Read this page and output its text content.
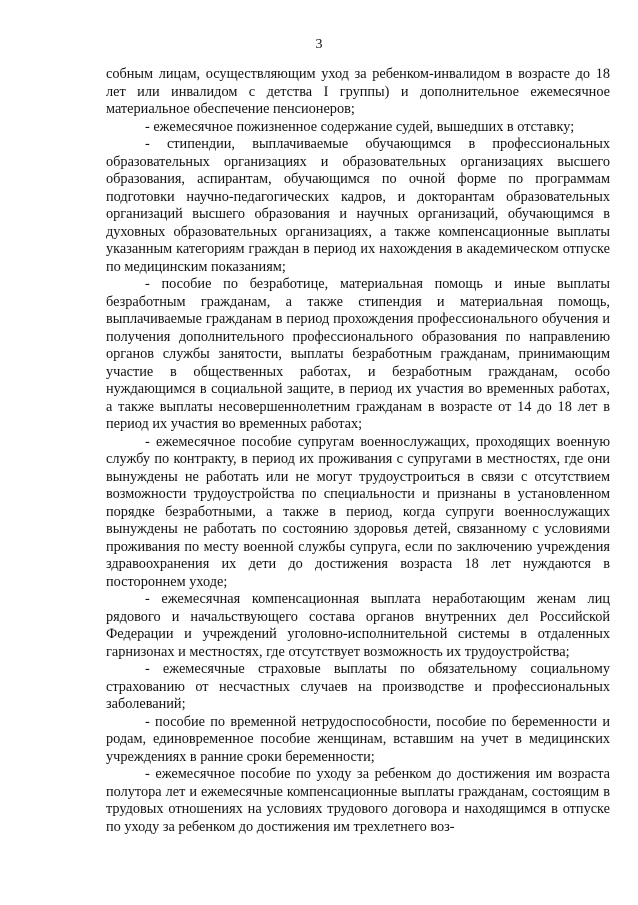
3

собным лицам, осуществляющим уход за ребенком-инвалидом в возрасте до 18 лет или инвалидом с детства I группы) и дополнительное ежемесячное материальное обеспечение пенсионеров;

- ежемесячное пожизненное содержание судей, вышедших в отставку;

- стипендии, выплачиваемые обучающимся в профессиональных образовательных организациях и образовательных организациях высшего образования, аспирантам, обучающимся по очной форме по программам подготовки научно-педагогических кадров, и докторантам образовательных организаций высшего образования и научных организаций, обучающимся в духовных образовательных организациях, а также компенсационные выплаты указанным категориям граждан в период их нахождения в академическом отпуске по медицинским показаниям;

- пособие по безработице, материальная помощь и иные выплаты безработным гражданам, а также стипендия и материальная помощь, выплачиваемые гражданам в период прохождения профессионального обучения и получения дополнительного профессионального образования по направлению органов службы занятости, выплаты безработным гражданам, принимающим участие в общественных работах, и безработным гражданам, особо нуждающимся в социальной защите, в период их участия во временных работах, а также выплаты несовершеннолетним гражданам в возрасте от 14 до 18 лет в период их участия во временных работах;

- ежемесячное пособие супругам военнослужащих, проходящих военную службу по контракту, в период их проживания с супругами в местностях, где они вынуждены не работать или не могут трудоустроиться в связи с отсутствием возможности трудоустройства по специальности и признаны в установленном порядке безработными, а также в период, когда супруги военнослужащих вынуждены не работать по состоянию здоровья детей, связанному с условиями проживания по месту военной службы супруга, если по заключению учреждения здравоохранения их дети до достижения возраста 18 лет нуждаются в постороннем уходе;

- ежемесячная компенсационная выплата неработающим женам лиц рядового и начальствующего состава органов внутренних дел Российской Федерации и учреждений уголовно-исполнительной системы в отдаленных гарнизонах и местностях, где отсутствует возможность их трудоустройства;

- ежемесячные страховые выплаты по обязательному социальному страхованию от несчастных случаев на производстве и профессиональных заболеваний;

- пособие по временной нетрудоспособности, пособие по беременности и родам, единовременное пособие женщинам, вставшим на учет в медицинских учреждениях в ранние сроки беременности;

- ежемесячное пособие по уходу за ребенком до достижения им возраста полутора лет и ежемесячные компенсационные выплаты гражданам, состоящим в трудовых отношениях на условиях трудового договора и находящимся в отпуске по уходу за ребенком до достижения им трехлетнего воз-
